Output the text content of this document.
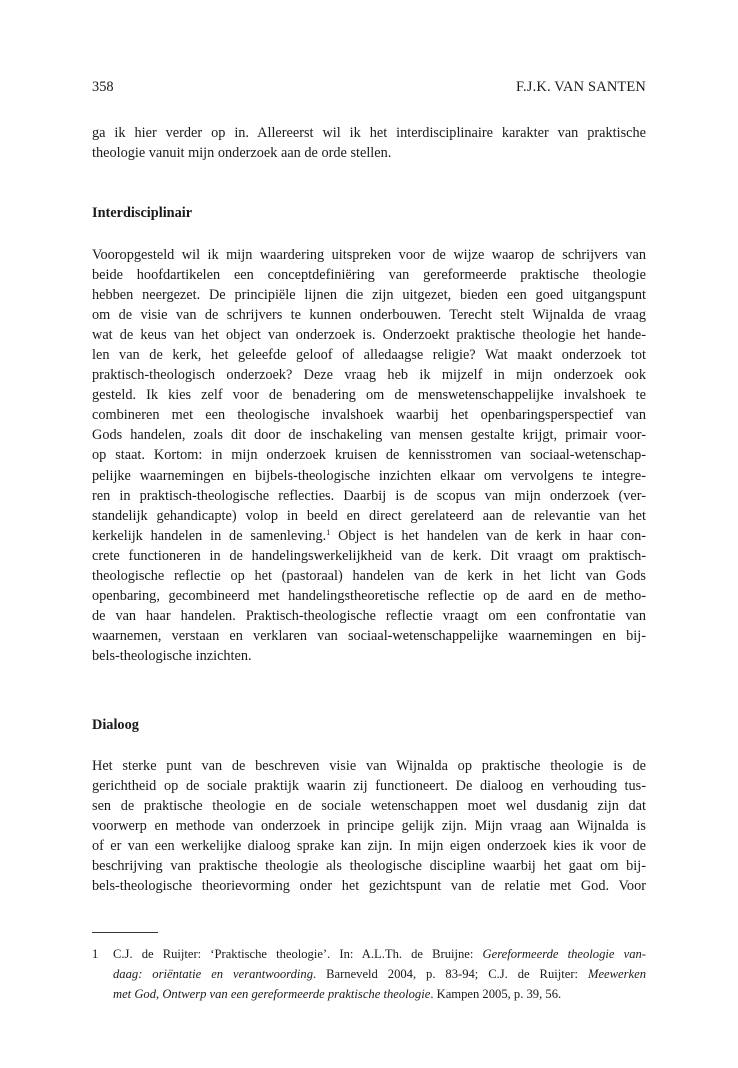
358	F.J.K. VAN SANTEN

ga ik hier verder op in. Allereerst wil ik het interdisciplinaire karakter van praktische
theologie vanuit mijn onderzoek aan de orde stellen.

Interdisciplinair

Vooropgesteld wil ik mijn waardering uitspreken voor de wijze waarop de schrijvers van
beide hoofdartikelen een conceptdefiniëring van gereformeerde praktische theologie
hebben neergezet. De principiële lijnen die zijn uitgezet, bieden een goed uitgangspunt
om de visie van de schrijvers te kunnen onderbouwen. Terecht stelt Wijnalda de vraag
wat de keus van het object van onderzoek is. Onderzoekt praktische theologie het hande-
len van de kerk, het geleefde geloof of alledaagse religie? Wat maakt onderzoek tot
praktisch-theologisch onderzoek? Deze vraag heb ik mijzelf in mijn onderzoek ook
gesteld. Ik kies zelf voor de benadering om de menswetenschappelijke invalshoek te
combineren met een theologische invalshoek waarbij het openbaringsperspectief van
Gods handelen, zoals dit door de inschakeling van mensen gestalte krijgt, primair voor-
op staat. Kortom: in mijn onderzoek kruisen de kennisstromen van sociaal-wetenschap-
pelijke waarnemingen en bijbels-theologische inzichten elkaar om vervolgens te integre-
ren in praktisch-theologische reflecties. Daarbij is de scopus van mijn onderzoek (ver-
standelijk gehandicapte) volop in beeld en direct gerelateerd aan de relevantie van het
kerkelijk handelen in de samenleving.$^1$ Object is het handelen van de kerk in haar con-
crete functioneren in de handelingswerkelijkheid van de kerk. Dit vraagt om praktisch-
theologische reflectie op het (pastoraal) handelen van de kerk in het licht van Gods
openbaring, gecombineerd met handelingstheoretische reflectie op de aard en de metho-
de van haar handelen. Praktisch-theologische reflectie vraagt om een confrontatie van
waarnemen, verstaan en verklaren van sociaal-wetenschappelijke waarnemingen en bij-
bels-theologische inzichten.

Dialoog

Het sterke punt van de beschreven visie van Wijnalda op praktische theologie is de
gerichtheid op de sociale praktijk waarin zij functioneert. De dialoog en verhouding tus-
sen de praktische theologie en de sociale wetenschappen moet wel dusdanig zijn dat
voorwerp en methode van onderzoek in principe gelijk zijn. Mijn vraag aan Wijnalda is
of er van een werkelijke dialoog sprake kan zijn. In mijn eigen onderzoek kies ik voor de
beschrijving van praktische theologie als theologische discipline waarbij het gaat om bij-
bels-theologische theorievorming onder het gezichtspunt van de relatie met God. Voor

1 C.J. de Ruijter: ‘Praktische theologie’. In: A.L.Th. de Bruijne: Gereformeerde theologie van-
daag: oriëntatie en verantwoording. Barneveld 2004, p. 83-94; C.J. de Ruijter: Meewerken
met God, Ontwerp van een gereformeerde praktische theologie. Kampen 2005, p. 39, 56.
